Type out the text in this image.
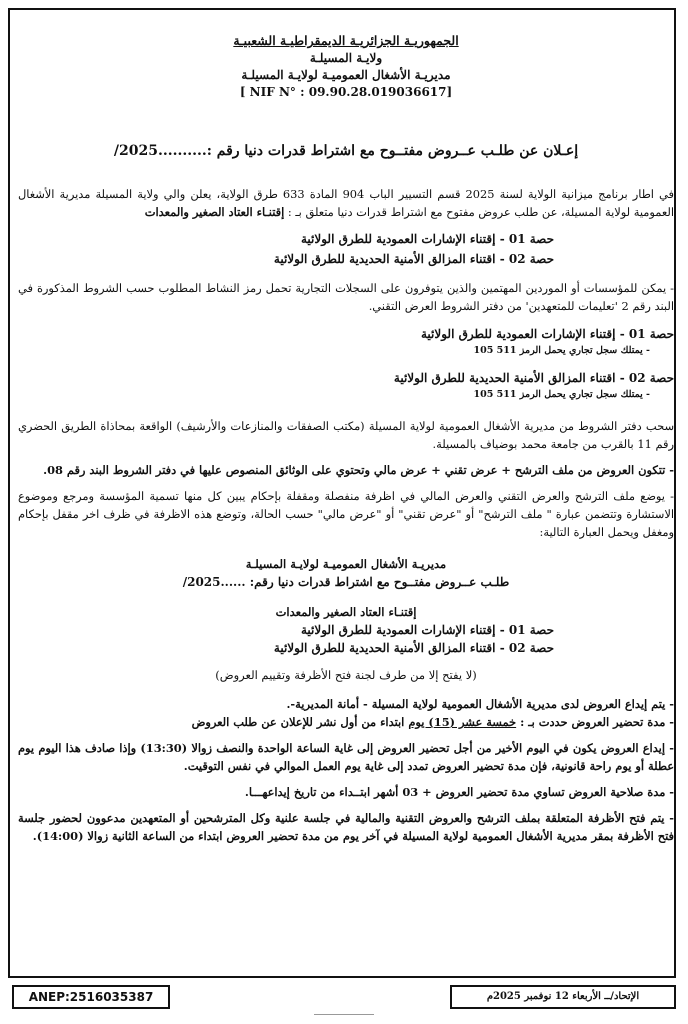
الجمهوريـة الجزائريـة الديمقراطيـة الشعبيـة
ولايـة المسيلـة
مديريـة الأشغال العموميـة لولايـة المسيلـة
[ NIF N° : 09.90.28.019036617]
إعـلان عن طلـب عــروض مفتــوح مع اشتراط قدرات دنيا رقم :..........2025/

في اطار برنامج ميزانية الولاية لسنة 2025 قسم التسيير الباب 904 المادة 633 طرق الولاية، يعلن والي ولاية المسيلة مديرية الأشغال العمومية لولاية المسيلة، عن طلب عروض مفتوح مع اشتراط قدرات دنيا متعلق بـ : إقتنـاء العتاد الصغير والمعدات

حصة 01 - إقتناء الإشارات العمودية للطرق الولائية
حصة 02 - اقتناء المزالق الأمنية الحديدية للطرق الولائية

- يمكن للمؤسسات أو الموردين المهتمين والذين يتوفرون على السجلات التجارية تحمل رمز النشاط المطلوب حسب الشروط المذكورة في البند رقم 2 'تعليمات للمتعهدين' من دفتر الشروط العرض التقني.

حصة 01 - إقتناء الإشارات العمودية للطرق الولائية
- يمتلك سجل تجاري يحمل الرمز 511 105
حصة 02 - اقتناء المزالق الأمنية الحديدية للطرق الولائية
- يمتلك سجل تجاري يحمل الرمز 511 105

سحب دفتر الشروط من مديرية الأشغال العمومية لولاية المسيلة (مكتب الصفقات والمنازعات والأرشيف) الواقعة بمحاذاة الطريق الحضري رقم 11 بالقرب من جامعة محمد بوضياف بالمسيلة.

- تتكون العروض من ملف الترشح + عرض تقني + عرض مالي وتحتوي على الوثائق المنصوص عليها في دفتر الشروط البند رقم 08.

- يوضع ملف الترشح والعرض التقني والعرض المالي في اظرفة منفصلة ومقفلة بإحكام يبين كل منها تسمية المؤسسة ومرجع وموضوع الاستشارة وتتضمن عبارة " ملف الترشح" أو "عرض تقني" أو "عرض مالي" حسب الحالة، وتوضع هذه الاظرفة في ظرف اخر مقفل بإحكام ومغفل ويحمل العبارة التالية:

مديريـة الأشغال العموميـة لولايـة المسيلـة
طلـب عــروض مفتــوح مع اشتراط قدرات دنيا رقم: ......2025/
إقتنـاء العتاد الصغير والمعدات
حصة 01 - إقتناء الإشارات العمودية للطرق الولائية
حصة 02 - اقتناء المزالق الأمنية الحديدية للطرق الولائية
(لا يفتح إلا من طرف لجنة فتح الأظرفة وتقييم العروض)

- يتم إيداع العروض لدى مديرية الأشغال العمومية لولاية المسيلة - أمانة المديرية-.

- مدة تحضير العروض حددت بـ : خمسة عشر (15) يوم ابتداء من أول نشر للإعلان عن طلب العروض

- إيداع العروض يكون في اليوم الأخير من أجل تحضير العروض إلى غاية الساعة الواحدة والنصف زوالا (13:30) وإذا صادف هذا اليوم يوم عطلة أو يوم راحة قانونية، فإن مدة تحضير العروض تمدد إلى غاية يوم العمل الموالي في نفس التوقيت.

- مدة صلاحية العروض تساوي مدة تحضير العروض + 03 أشهر ابتــداء من تاريخ إيداعهـــا.

- يتم فتح الأظرفة المتعلقة بملف الترشح والعروض التقنية والمالية في جلسة علنية وكل المترشحين أو المتعهدين مدعوون لحضور جلسة فتح الأظرفة بمقر مديرية الأشغال العمومية لولاية المسيلة في آخر يوم من مدة تحضير العروض ابتداء من الساعة الثانية زوالا (14:00).

ANEP:2516035387	الإتحاد/ــ الأربعاء 12 نوفمبر 2025م
